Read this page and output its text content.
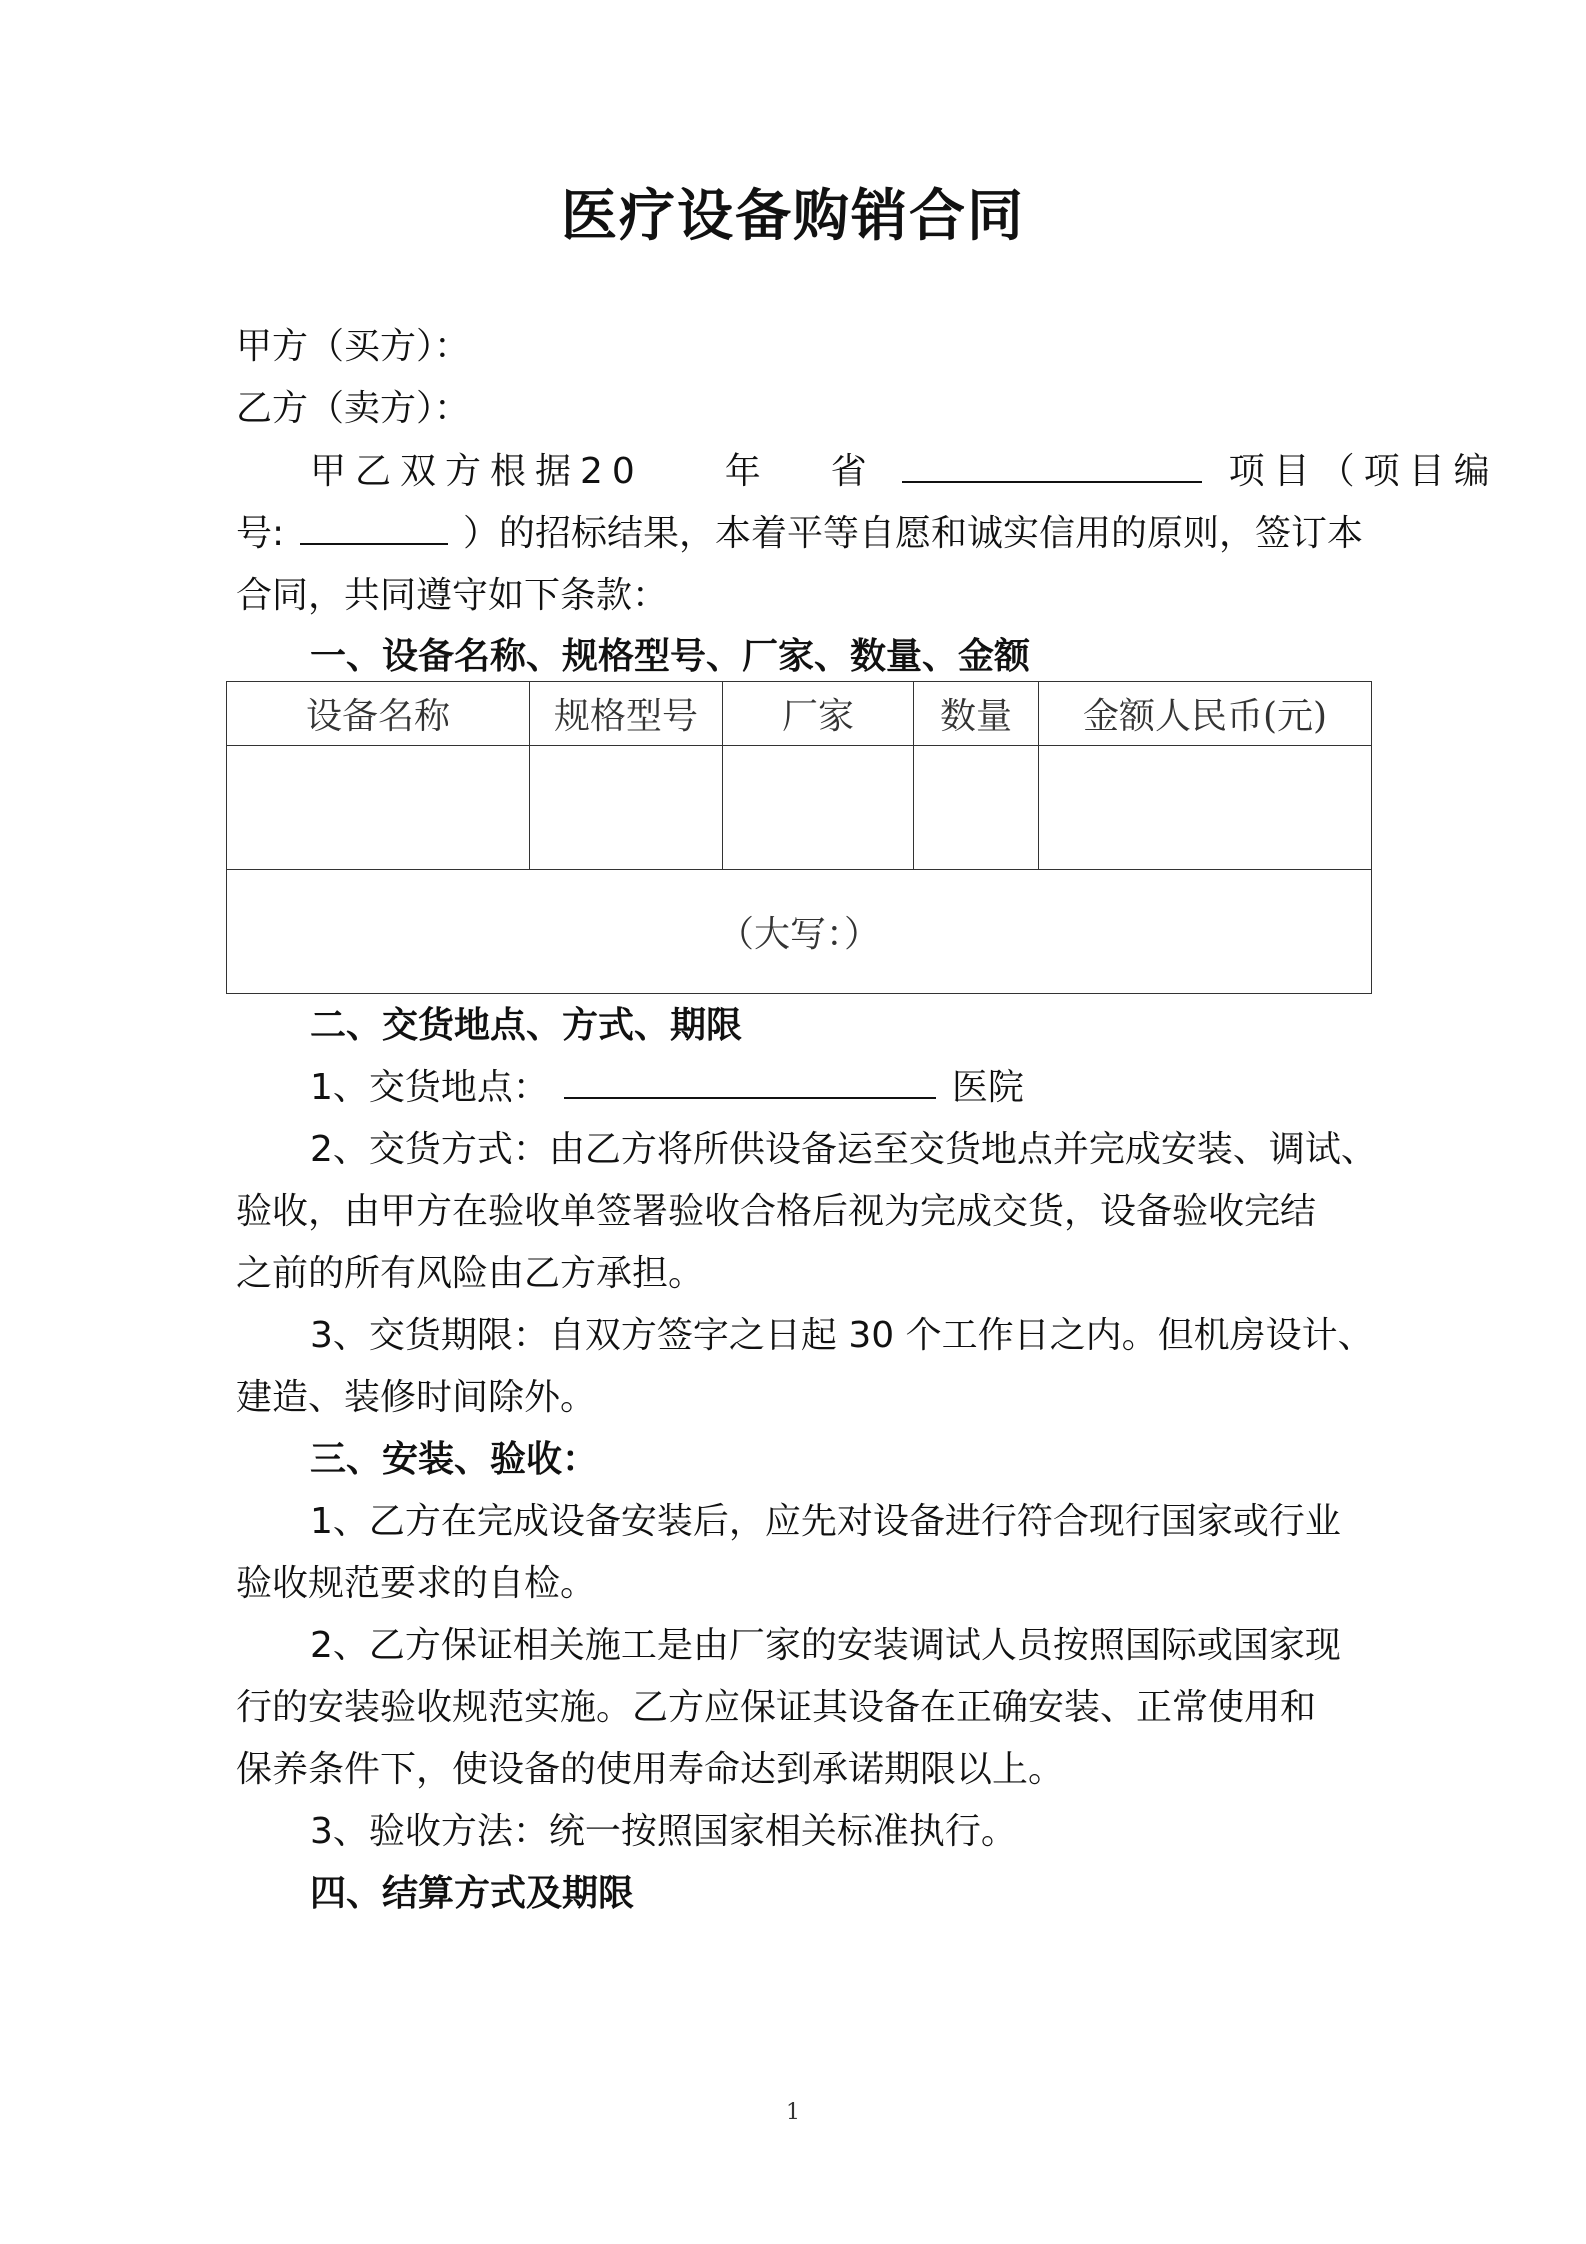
医疗设备购销合同
甲方（买方）：
乙方（卖方）：
甲乙双方根据20 年 省	项目（项目编
号:	）的招标结果，本着平等自愿和诚实信用的原则，签订本
合同，共同遵守如下条款：
一、设备名称、规格型号、厂家、数量、金额
设备名称	规格型号	厂家	数量	金额人民币(元)

（大写：）				
二、交货地点、方式、期限
1、交货地点：	医院
2、交货方式：由乙方将所供设备运至交货地点并完成安装、调试、
验收，由甲方在验收单签署验收合格后视为完成交货，设备验收完结
之前的所有风险由乙方承担。
3、交货期限：自双方签字之日起 30 个工作日之内。但机房设计、
建造、装修时间除外。
三、安装、验收：
1、乙方在完成设备安装后，应先对设备进行符合现行国家或行业
验收规范要求的自检。
2、乙方保证相关施工是由厂家的安装调试人员按照国际或国家现
行的安装验收规范实施。乙方应保证其设备在正确安装、正常使用和
保养条件下，使设备的使用寿命达到承诺期限以上。
3、验收方法：统一按照国家相关标准执行。
四、结算方式及期限
1
